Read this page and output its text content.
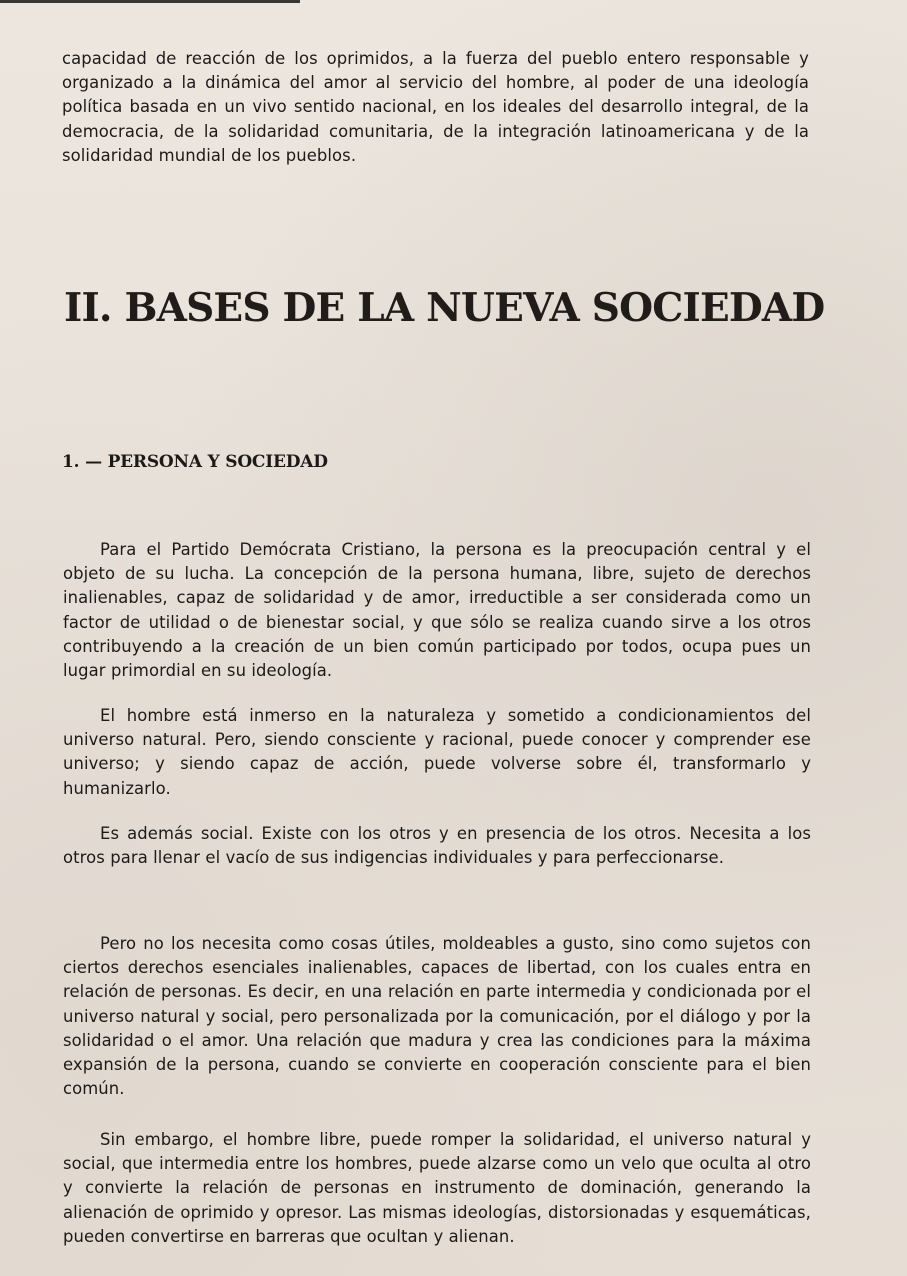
capacidad de reacción de los oprimidos, a la fuerza del pueblo entero responsable y organizado a la dinámica del amor al servicio del hombre, al poder de una ideología política basada en un vivo sentido nacional, en los ideales del desarrollo integral, de la democracia, de la solidaridad comunitaria, de la integración latinoamericana y de la solidaridad mundial de los pueblos.

II. BASES DE LA NUEVA SOCIEDAD
1. — PERSONA Y SOCIEDAD

Para el Partido Demócrata Cristiano, la persona es la preocupación central y el objeto de su lucha. La concepción de la persona humana, libre, sujeto de derechos inalienables, capaz de solidaridad y de amor, irreductible a ser considerada como un factor de utilidad o de bienestar social, y que sólo se realiza cuando sirve a los otros contribuyendo a la creación de un bien común participado por todos, ocupa pues un lugar primordial en su ideología.

El hombre está inmerso en la naturaleza y sometido a condicionamientos del universo natural. Pero, siendo consciente y racional, puede conocer y comprender ese universo; y siendo capaz de acción, puede volverse sobre él, transformarlo y humanizarlo.

Es además social. Existe con los otros y en presencia de los otros. Necesita a los otros para llenar el vacío de sus indigencias individuales y para perfeccionarse.

Pero no los necesita como cosas útiles, moldeables a gusto, sino como sujetos con ciertos derechos esenciales inalienables, capaces de libertad, con los cuales entra en relación de personas. Es decir, en una relación en parte intermedia y condicionada por el universo natural y social, pero personalizada por la comunicación, por el diálogo y por la solidaridad o el amor. Una relación que madura y crea las condiciones para la máxima expansión de la persona, cuando se convierte en cooperación consciente para el bien común.

Sin embargo, el hombre libre, puede romper la solidaridad, el universo natural y social, que intermedia entre los hombres, puede alzarse como un velo que oculta al otro y convierte la relación de personas en instrumento de dominación, generando la alienación de oprimido y opresor. Las mismas ideologías, distorsionadas y esquemáticas, pueden convertirse en barreras que ocultan y alienan.
